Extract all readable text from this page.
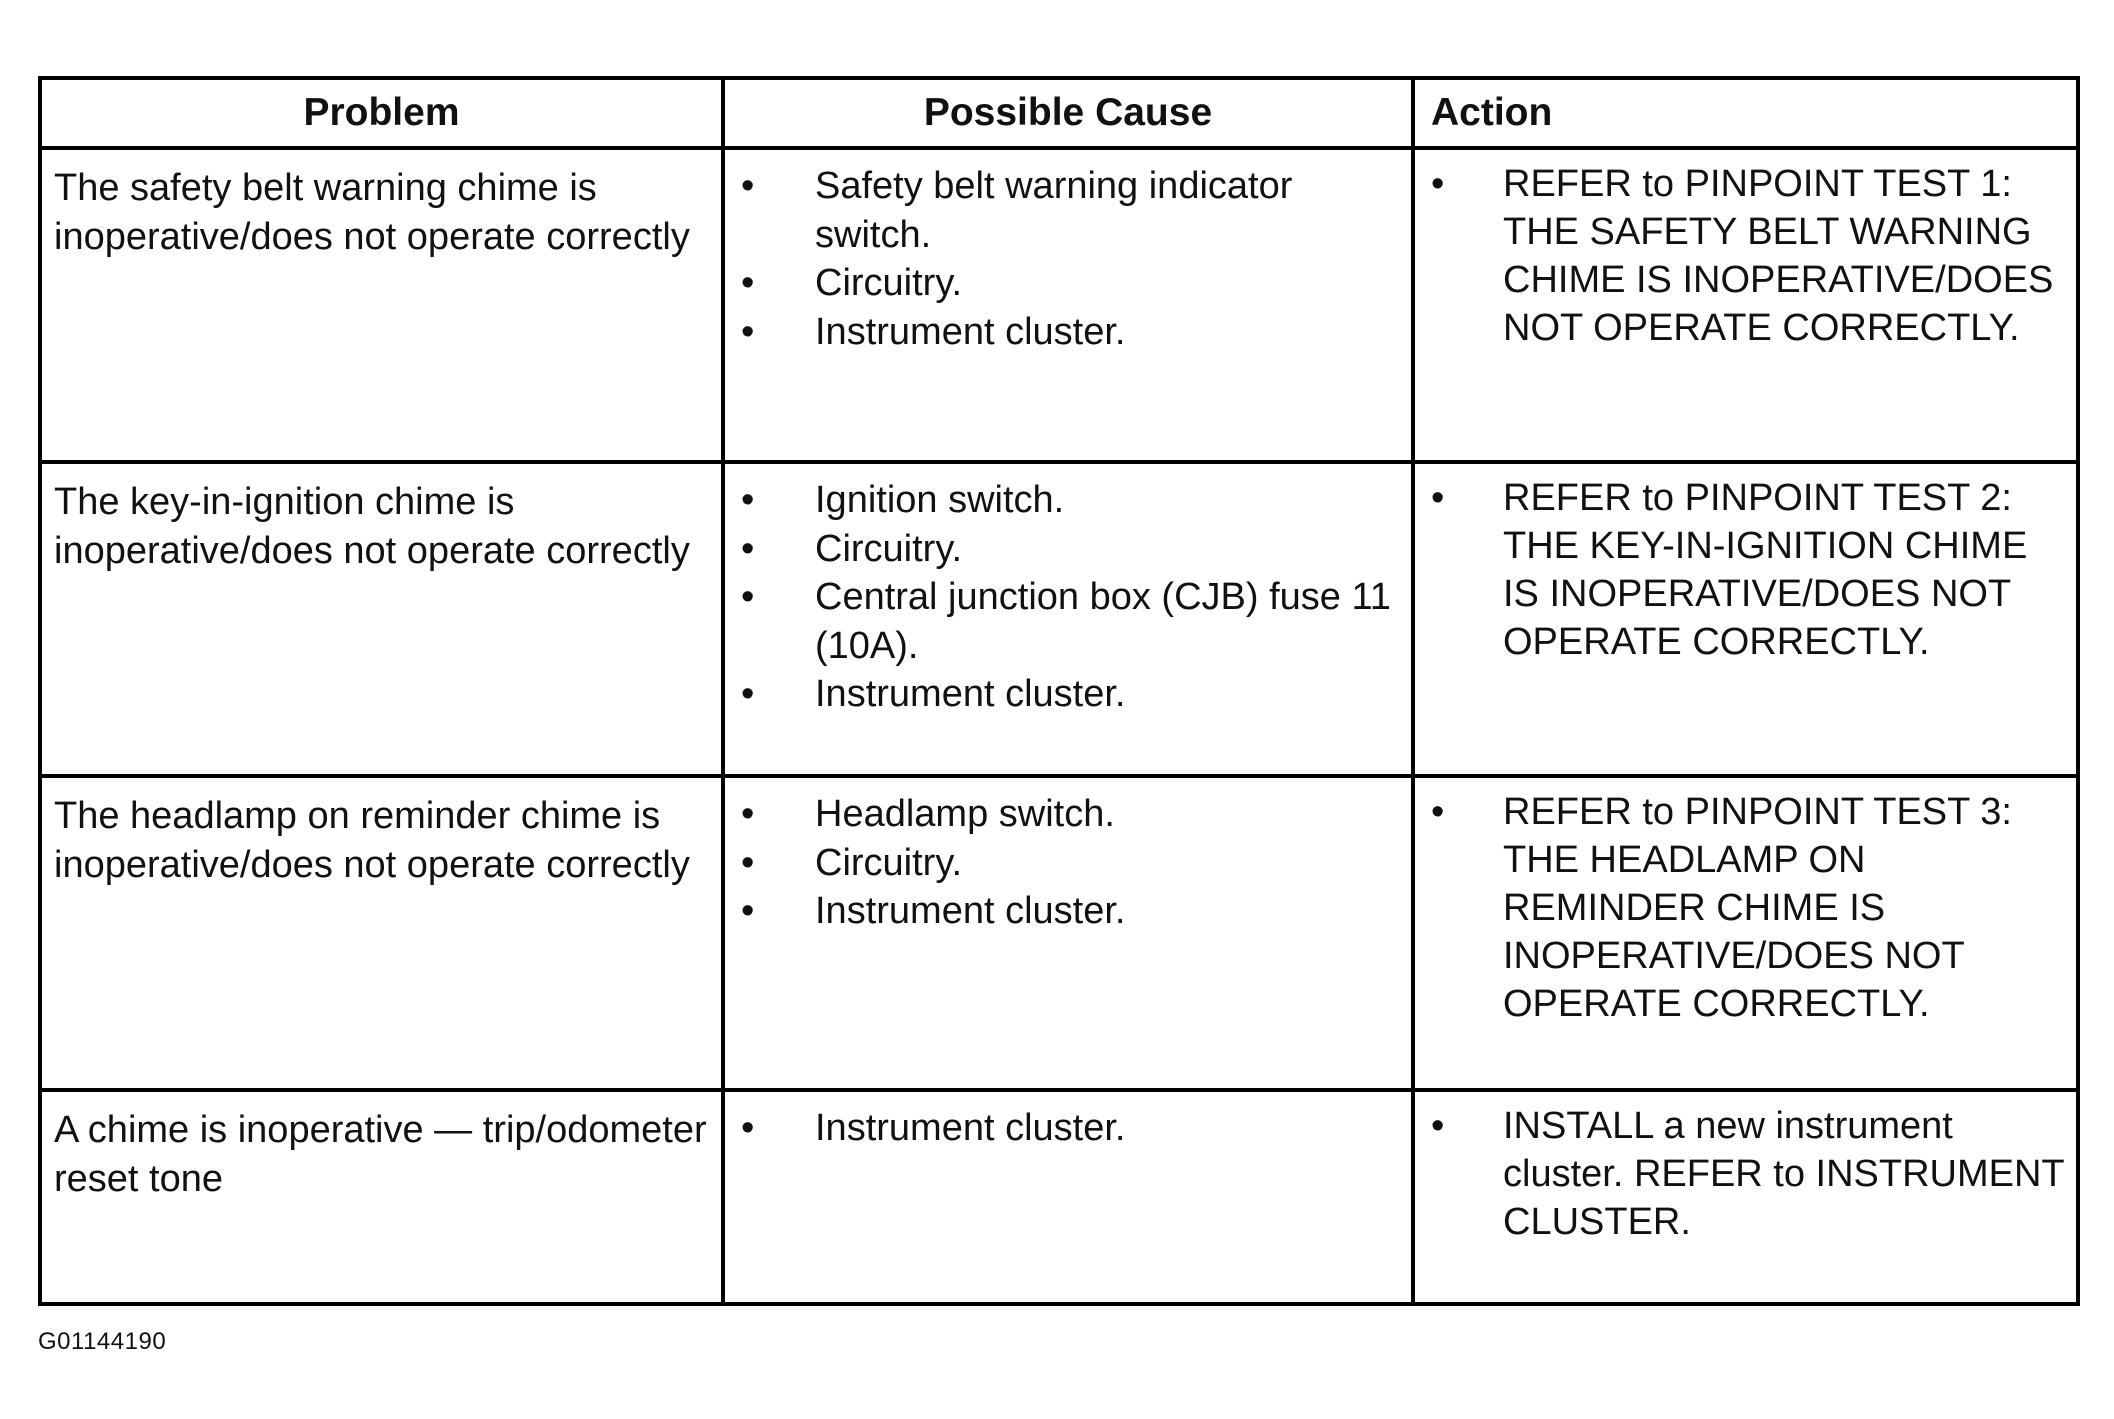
Problem	Possible Cause	Action
The safety belt warning chime is inoperative/does not operate correctly
• Safety belt warning indicator switch.
• Circuitry.
• Instrument cluster.
• REFER to PINPOINT TEST 1: THE SAFETY BELT WARNING CHIME IS INOPERATIVE/DOES NOT OPERATE CORRECTLY.
The key-in-ignition chime is inoperative/does not operate correctly
• Ignition switch.
• Circuitry.
• Central junction box (CJB) fuse 11 (10A).
• Instrument cluster.
• REFER to PINPOINT TEST 2: THE KEY-IN-IGNITION CHIME IS INOPERATIVE/DOES NOT OPERATE CORRECTLY.
The headlamp on reminder chime is inoperative/does not operate correctly
• Headlamp switch.
• Circuitry.
• Instrument cluster.
• REFER to PINPOINT TEST 3: THE HEADLAMP ON REMINDER CHIME IS INOPERATIVE/DOES NOT OPERATE CORRECTLY.
A chime is inoperative — trip/odometer reset tone
• Instrument cluster.
•	INSTALL a new instrument cluster. REFER to INSTRUMENT CLUSTER.
G01144190
